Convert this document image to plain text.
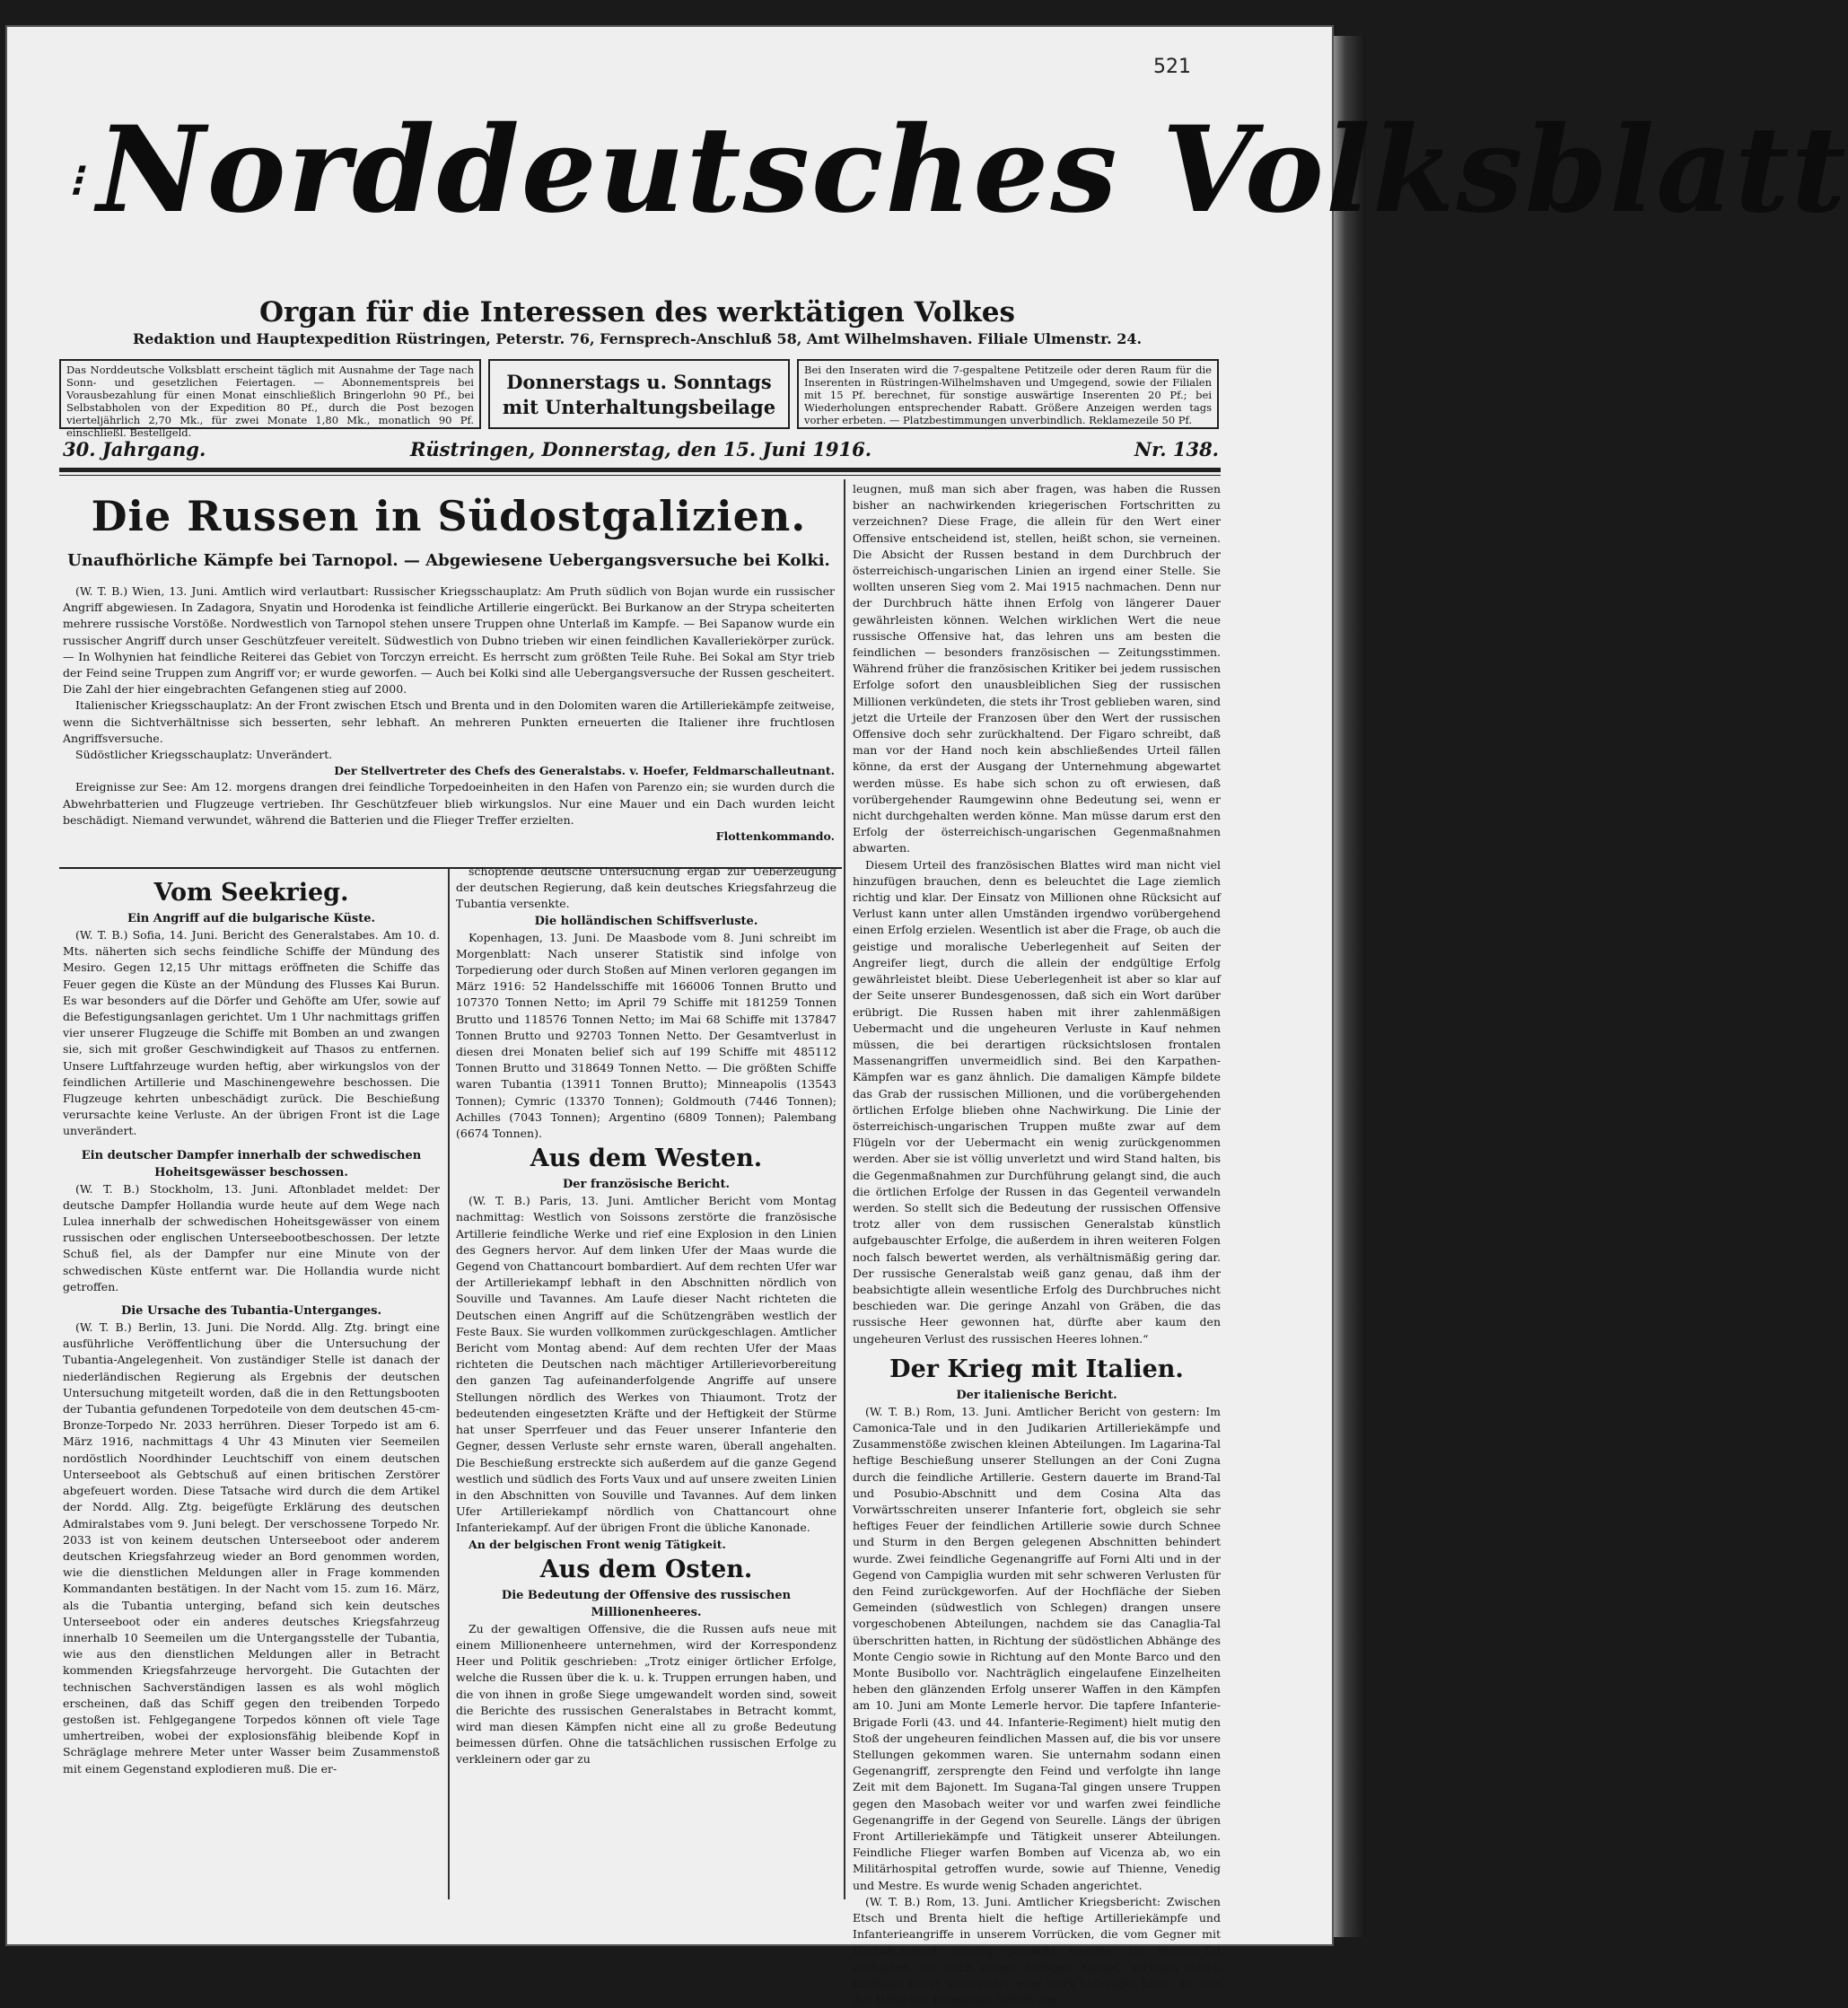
521
⁝ Norddeutsches Volksblatt
Organ für die Interessen des werktätigen Volkes
Redaktion und Hauptexpedition Rüstringen, Peterstr. 76, Fernsprech-Anschluß 58, Amt Wilhelmshaven. Filiale Ulmenstr. 24.
Das Norddeutsche Volksblatt erscheint täglich mit Ausnahme der Tage nach Sonn- und gesetzlichen Feiertagen. — Abonnementspreis bei Vorausbezahlung für einen Monat einschließlich Bringerlohn 90 Pf., bei Selbstabholen von der Expedition 80 Pf., durch die Post bezogen vierteljährlich 2,70 Mk., für zwei Monate 1,80 Mk., monatlich 90 Pf. einschließl. Bestellgeld.
Donnerstags u. Sonntags mit Unterhaltungsbeilage
Bei den Inseraten wird die 7-gespaltene Petitzeile oder deren Raum für die Inserenten in Rüstringen-Wilhelmshaven und Umgegend, sowie der Filialen mit 15 Pf. berechnet, für sonstige auswärtige Inserenten 20 Pf.; bei Wiederholungen entsprechender Rabatt. Größere Anzeigen werden tags vorher erbeten. — Platzbestimmungen unverbindlich. Reklamezeile 50 Pf.
30. Jahrgang.	Rüstringen, Donnerstag, den 15. Juni 1916.	Nr. 138.
Die Russen in Südostgalizien.
Unaufhörliche Kämpfe bei Tarnopol. — Abgewiesene Uebergangsversuche bei Kolki.

(W. T. B.) Wien, 13. Juni. Amtlich wird verlautbart: Russischer Kriegsschauplatz: Am Pruth südlich von Bojan wurde ein russischer Angriff abgewiesen. In Zadagora, Snyatin und Horodenka ist feindliche Artillerie eingerückt. Bei Burkanow an der Strypa scheiterten mehrere russische Vorstöße. Nordwestlich von Tarnopol stehen unsere Truppen ohne Unterlaß im Kampfe. — Bei Sapanow wurde ein russischer Angriff durch unser Geschützfeuer vereitelt. Südwestlich von Dubno trieben wir einen feindlichen Kavalleriekörper zurück. — In Wolhynien hat feindliche Reiterei das Gebiet von Torczyn erreicht. Es herrscht zum größten Teile Ruhe. Bei Sokal am Styr trieb der Feind seine Truppen zum Angriff vor; er wurde geworfen. — Auch bei Kolki sind alle Uebergangsversuche der Russen gescheitert. Die Zahl der hier eingebrachten Gefangenen stieg auf 2000.

Italienischer Kriegsschauplatz: An der Front zwischen Etsch und Brenta und in den Dolomiten waren die Artilleriekämpfe zeitweise, wenn die Sichtverhältnisse sich besserten, sehr lebhaft. An mehreren Punkten erneuerten die Italiener ihre fruchtlosen Angriffsversuche.

Südöstlicher Kriegsschauplatz: Unverändert.

Der Stellvertreter des Chefs des Generalstabs. v. Hoefer, Feldmarschalleutnant.

Ereignisse zur See: Am 12. morgens drangen drei feindliche Torpedoeinheiten in den Hafen von Parenzo ein; sie wurden durch die Abwehrbatterien und Flugzeuge vertrieben. Ihr Geschützfeuer blieb wirkungslos. Nur eine Mauer und ein Dach wurden leicht beschädigt. Niemand verwundet, während die Batterien und die Flieger Treffer erzielten.

Flottenkommando.

Vom Seekrieg.

Ein Angriff auf die bulgarische Küste.

(W. T. B.) Sofia, 14. Juni. Bericht des Generalstabes. Am 10. d. Mts. näherten sich sechs feindliche Schiffe der Mündung des Mesiro. Gegen 12,15 Uhr mittags eröffneten die Schiffe das Feuer gegen die Küste an der Mündung des Flusses Kai Burun. Es war besonders auf die Dörfer und Gehöfte am Ufer, sowie auf die Befestigungsanlagen gerichtet. Um 1 Uhr nachmittags griffen vier unserer Flugzeuge die Schiffe mit Bomben an und zwangen sie, sich mit großer Geschwindigkeit auf Thasos zu entfernen. Unsere Luftfahrzeuge wurden heftig, aber wirkungslos von der feindlichen Artillerie und Maschinengewehre beschossen. Die Flugzeuge kehrten unbeschädigt zurück. Die Beschießung verursachte keine Verluste. An der übrigen Front ist die Lage unverändert.

Ein deutscher Dampfer innerhalb der schwedischen Hoheitsgewässer beschossen.

(W. T. B.) Stockholm, 13. Juni. Aftonbladet meldet: Der deutsche Dampfer Hollandia wurde heute auf dem Wege nach Lulea innerhalb der schwedischen Hoheitsgewässer von einem russischen oder englischen Unterseebootbeschossen. Der letzte Schuß fiel, als der Dampfer nur eine Minute von der schwedischen Küste entfernt war. Die Hollandia wurde nicht getroffen.

Die Ursache des Tubantia-Unterganges.

(W. T. B.) Berlin, 13. Juni. Die Nordd. Allg. Ztg. bringt eine ausführliche Veröffentlichung über die Untersuchung der Tubantia-Angelegenheit. Von zuständiger Stelle ist danach der niederländischen Regierung als Ergebnis der deutschen Untersuchung mitgeteilt worden, daß die in den Rettungsbooten der Tubantia gefundenen Torpedoteile von dem deutschen 45-cm-Bronze-Torpedo Nr. 2033 herrühren. Dieser Torpedo ist am 6. März 1916, nachmittags 4 Uhr 43 Minuten vier Seemeilen nordöstlich Noordhinder Leuchtschiff von einem deutschen Unterseeboot als Gebtschuß auf einen britischen Zerstörer abgefeuert worden. Diese Tatsache wird durch die dem Artikel der Nordd. Allg. Ztg. beigefügte Erklärung des deutschen Admiralstabes vom 9. Juni belegt. Der verschossene Torpedo Nr. 2033 ist von keinem deutschen Unterseeboot oder anderem deutschen Kriegsfahrzeug wieder an Bord genommen worden, wie die dienstlichen Meldungen aller in Frage kommenden Kommandanten bestätigen. In der Nacht vom 15. zum 16. März, als die Tubantia unterging, befand sich kein deutsches Unterseeboot oder ein anderes deutsches Kriegsfahrzeug innerhalb 10 Seemeilen um die Untergangsstelle der Tubantia, wie aus den dienstlichen Meldungen aller in Betracht kommenden Kriegsfahrzeuge hervorgeht. Die Gutachten der technischen Sachverständigen lassen es als wohl möglich erscheinen, daß das Schiff gegen den treibenden Torpedo gestoßen ist. Fehlgegangene Torpedos können oft viele Tage umhertreiben, wobei der explosionsfähig bleibende Kopf in Schräglage mehrere Meter unter Wasser beim Zusammenstoß mit einem Gegenstand explodieren muß. Die er-

schöpfende deutsche Untersuchung ergab zur Ueberzeugung der deutschen Regierung, daß kein deutsches Kriegsfahrzeug die Tubantia versenkte.

Die holländischen Schiffsverluste.

Kopenhagen, 13. Juni. De Maasbode vom 8. Juni schreibt im Morgenblatt: Nach unserer Statistik sind infolge von Torpedierung oder durch Stoßen auf Minen verloren gegangen im März 1916: 52 Handelsschiffe mit 166006 Tonnen Brutto und 107370 Tonnen Netto; im April 79 Schiffe mit 181259 Tonnen Brutto und 118576 Tonnen Netto; im Mai 68 Schiffe mit 137847 Tonnen Brutto und 92703 Tonnen Netto. Der Gesamtverlust in diesen drei Monaten belief sich auf 199 Schiffe mit 485112 Tonnen Brutto und 318649 Tonnen Netto. — Die größten Schiffe waren Tubantia (13911 Tonnen Brutto); Minneapolis (13543 Tonnen); Cymric (13370 Tonnen); Goldmouth (7446 Tonnen); Achilles (7043 Tonnen); Argentino (6809 Tonnen); Palembang (6674 Tonnen).

Aus dem Westen.

Der französische Bericht.

(W. T. B.) Paris, 13. Juni. Amtlicher Bericht vom Montag nachmittag: Westlich von Soissons zerstörte die französische Artillerie feindliche Werke und rief eine Explosion in den Linien des Gegners hervor. Auf dem linken Ufer der Maas wurde die Gegend von Chattancourt bombardiert. Auf dem rechten Ufer war der Artilleriekampf lebhaft in den Abschnitten nördlich von Souville und Tavannes. Am Laufe dieser Nacht richteten die Deutschen einen Angriff auf die Schützengräben westlich der Feste Baux. Sie wurden vollkommen zurückgeschlagen. Amtlicher Bericht vom Montag abend: Auf dem rechten Ufer der Maas richteten die Deutschen nach mächtiger Artillerievorbereitung den ganzen Tag aufeinanderfolgende Angriffe auf unsere Stellungen nördlich des Werkes von Thiaumont. Trotz der bedeutenden eingesetzten Kräfte und der Heftigkeit der Stürme hat unser Sperrfeuer und das Feuer unserer Infanterie den Gegner, dessen Verluste sehr ernste waren, überall angehalten. Die Beschießung erstreckte sich außerdem auf die ganze Gegend westlich und südlich des Forts Vaux und auf unsere zweiten Linien in den Abschnitten von Souville und Tavannes. Auf dem linken Ufer Artilleriekampf nördlich von Chattancourt ohne Infanteriekampf. Auf der übrigen Front die übliche Kanonade.

An der belgischen Front wenig Tätigkeit.

Aus dem Osten.

Die Bedeutung der Offensive des russischen Millionenheeres.

Zu der gewaltigen Offensive, die die Russen aufs neue mit einem Millionenheere unternehmen, wird der Korrespondenz Heer und Politik geschrieben: „Trotz einiger örtlicher Erfolge, welche die Russen über die k. u. k. Truppen errungen haben, und die von ihnen in große Siege umgewandelt worden sind, soweit die Berichte des russischen Generalstabes in Betracht kommt, wird man diesen Kämpfen nicht eine all zu große Bedeutung beimessen dürfen. Ohne die tatsächlichen russischen Erfolge zu verkleinern oder gar zu

leugnen, muß man sich aber fragen, was haben die Russen bisher an nachwirkenden kriegerischen Fortschritten zu verzeichnen? Diese Frage, die allein für den Wert einer Offensive entscheidend ist, stellen, heißt schon, sie verneinen. Die Absicht der Russen bestand in dem Durchbruch der österreichisch-ungarischen Linien an irgend einer Stelle. Sie wollten unseren Sieg vom 2. Mai 1915 nachmachen. Denn nur der Durchbruch hätte ihnen Erfolg von längerer Dauer gewährleisten können. Welchen wirklichen Wert die neue russische Offensive hat, das lehren uns am besten die feindlichen — besonders französischen — Zeitungsstimmen. Während früher die französischen Kritiker bei jedem russischen Erfolge sofort den unausbleiblichen Sieg der russischen Millionen verkündeten, die stets ihr Trost geblieben waren, sind jetzt die Urteile der Franzosen über den Wert der russischen Offensive doch sehr zurückhaltend. Der Figaro schreibt, daß man vor der Hand noch kein abschließendes Urteil fällen könne, da erst der Ausgang der Unternehmung abgewartet werden müsse. Es habe sich schon zu oft erwiesen, daß vorübergehender Raumgewinn ohne Bedeutung sei, wenn er nicht durchgehalten werden könne. Man müsse darum erst den Erfolg der österreichisch-ungarischen Gegenmaßnahmen abwarten.

Diesem Urteil des französischen Blattes wird man nicht viel hinzufügen brauchen, denn es beleuchtet die Lage ziemlich richtig und klar. Der Einsatz von Millionen ohne Rücksicht auf Verlust kann unter allen Umständen irgendwo vorübergehend einen Erfolg erzielen. Wesentlich ist aber die Frage, ob auch die geistige und moralische Ueberlegenheit auf Seiten der Angreifer liegt, durch die allein der endgültige Erfolg gewährleistet bleibt. Diese Ueberlegenheit ist aber so klar auf der Seite unserer Bundesgenossen, daß sich ein Wort darüber erübrigt. Die Russen haben mit ihrer zahlenmäßigen Uebermacht und die ungeheuren Verluste in Kauf nehmen müssen, die bei derartigen rücksichtslosen frontalen Massenangriffen unvermeidlich sind. Bei den Karpathen-Kämpfen war es ganz ähnlich. Die damaligen Kämpfe bildete das Grab der russischen Millionen, und die vorübergehenden örtlichen Erfolge blieben ohne Nachwirkung. Die Linie der österreichisch-ungarischen Truppen mußte zwar auf dem Flügeln vor der Uebermacht ein wenig zurückgenommen werden. Aber sie ist völlig unverletzt und wird Stand halten, bis die Gegenmaßnahmen zur Durchführung gelangt sind, die auch die örtlichen Erfolge der Russen in das Gegenteil verwandeln werden. So stellt sich die Bedeutung der russischen Offensive trotz aller von dem russischen Generalstab künstlich aufgebauschter Erfolge, die außerdem in ihren weiteren Folgen noch falsch bewertet werden, als verhältnismäßig gering dar. Der russische Generalstab weiß ganz genau, daß ihm der beabsichtigte allein wesentliche Erfolg des Durchbruches nicht beschieden war. Die geringe Anzahl von Gräben, die das russische Heer gewonnen hat, dürfte aber kaum den ungeheuren Verlust des russischen Heeres lohnen.“

Der Krieg mit Italien.

Der italienische Bericht.

(W. T. B.) Rom, 13. Juni. Amtlicher Bericht von gestern: Im Camonica-Tale und in den Judikarien Artilleriekämpfe und Zusammenstöße zwischen kleinen Abteilungen. Im Lagarina-Tal heftige Beschießung unserer Stellungen an der Coni Zugna durch die feindliche Artillerie. Gestern dauerte im Brand-Tal und Posubio-Abschnitt und dem Cosina Alta das Vorwärtsschreiten unserer Infanterie fort, obgleich sie sehr heftiges Feuer der feindlichen Artillerie sowie durch Schnee und Sturm in den Bergen gelegenen Abschnitten behindert wurde. Zwei feindliche Gegenangriffe auf Forni Alti und in der Gegend von Campiglia wurden mit sehr schweren Verlusten für den Feind zurückgeworfen. Auf der Hochfläche der Sieben Gemeinden (südwestlich von Schlegen) drangen unsere vorgeschobenen Abteilungen, nachdem sie das Canaglia-Tal überschritten hatten, in Richtung der südöstlichen Abhänge des Monte Cengio sowie in Richtung auf den Monte Barco und den Monte Busibollo vor. Nachträglich eingelaufene Einzelheiten heben den glänzenden Erfolg unserer Waffen in den Kämpfen am 10. Juni am Monte Lemerle hervor. Die tapfere Infanterie-Brigade Forli (43. und 44. Infanterie-Regiment) hielt mutig den Stoß der ungeheuren feindlichen Massen auf, die bis vor unsere Stellungen gekommen waren. Sie unternahm sodann einen Gegenangriff, zersprengte den Feind und verfolgte ihn lange Zeit mit dem Bajonett. Im Sugana-Tal gingen unsere Truppen gegen den Masobach weiter vor und warfen zwei feindliche Gegenangriffe in der Gegend von Seurelle. Längs der übrigen Front Artilleriekämpfe und Tätigkeit unserer Abteilungen. Feindliche Flieger warfen Bomben auf Vicenza ab, wo ein Militärhospital getroffen wurde, sowie auf Thienne, Venedig und Mestre. Es wurde wenig Schaden angerichtet.

(W. T. B.) Rom, 13. Juni. Amtlicher Kriegsbericht: Zwischen Etsch und Brenta hielt die heftige Artilleriekämpfe und Infanterieangriffe in unserem Vorrücken, die vom Gegner mit Hartnäckigkeit streitig gemacht werden. Im Sugana-Tal eroberten wir nach einem heftigen Kampf, wirksam durch kräftiges Feuer unterstützt, eine stark befestigte Linie, die von der Höhe des Permesan, östlich von
